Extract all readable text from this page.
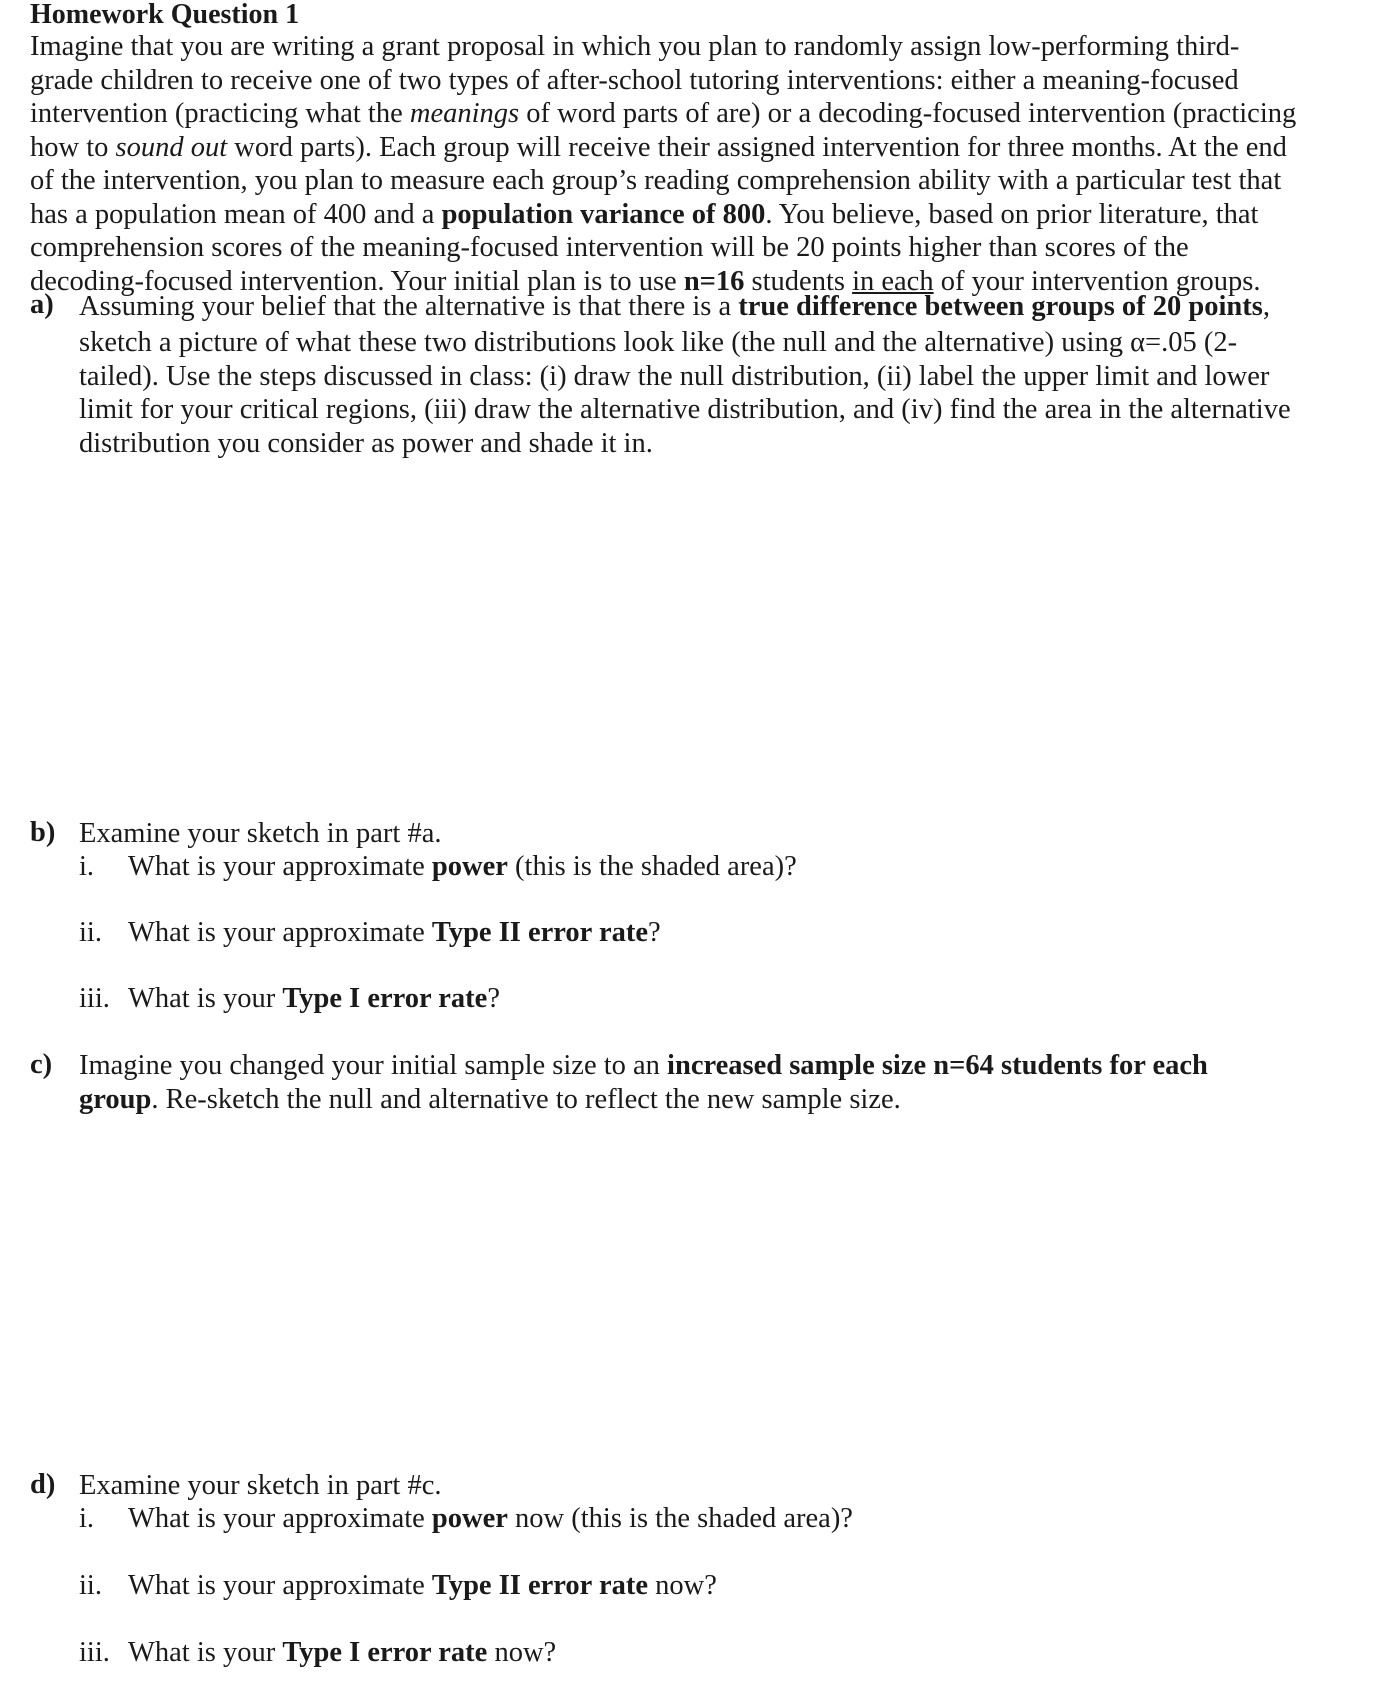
Homework Question 1
Imagine that you are writing a grant proposal in which you plan to randomly assign low-performing third-
grade children to receive one of two types of after-school tutoring interventions: either a meaning-focused
intervention (practicing what the meanings of word parts of are) or a decoding-focused intervention (practicing
how to sound out word parts). Each group will receive their assigned intervention for three months. At the end
of the intervention, you plan to measure each group’s reading comprehension ability with a particular test that
has a population mean of 400 and a population variance of 800. You believe, based on prior literature, that
comprehension scores of the meaning-focused intervention will be 20 points higher than scores of the
decoding-focused intervention. Your initial plan is to use n=16 students in each of your intervention groups.
a) Assuming your belief that the alternative is that there is a true difference between groups of 20 points,
sketch a picture of what these two distributions look like (the null and the alternative) using α=.05 (2-
tailed). Use the steps discussed in class: (i) draw the null distribution, (ii) label the upper limit and lower
limit for your critical regions, (iii) draw the alternative distribution, and (iv) find the area in the alternative
distribution you consider as power and shade it in.
b) Examine your sketch in part #a.
i. What is your approximate power (this is the shaded area)?
ii. What is your approximate Type II error rate?
iii. What is your Type I error rate?
c) Imagine you changed your initial sample size to an increased sample size n=64 students for each
group. Re-sketch the null and alternative to reflect the new sample size.
d) Examine your sketch in part #c.
i. What is your approximate power now (this is the shaded area)?
ii. What is your approximate Type II error rate now?
iii. What is your Type I error rate now?
